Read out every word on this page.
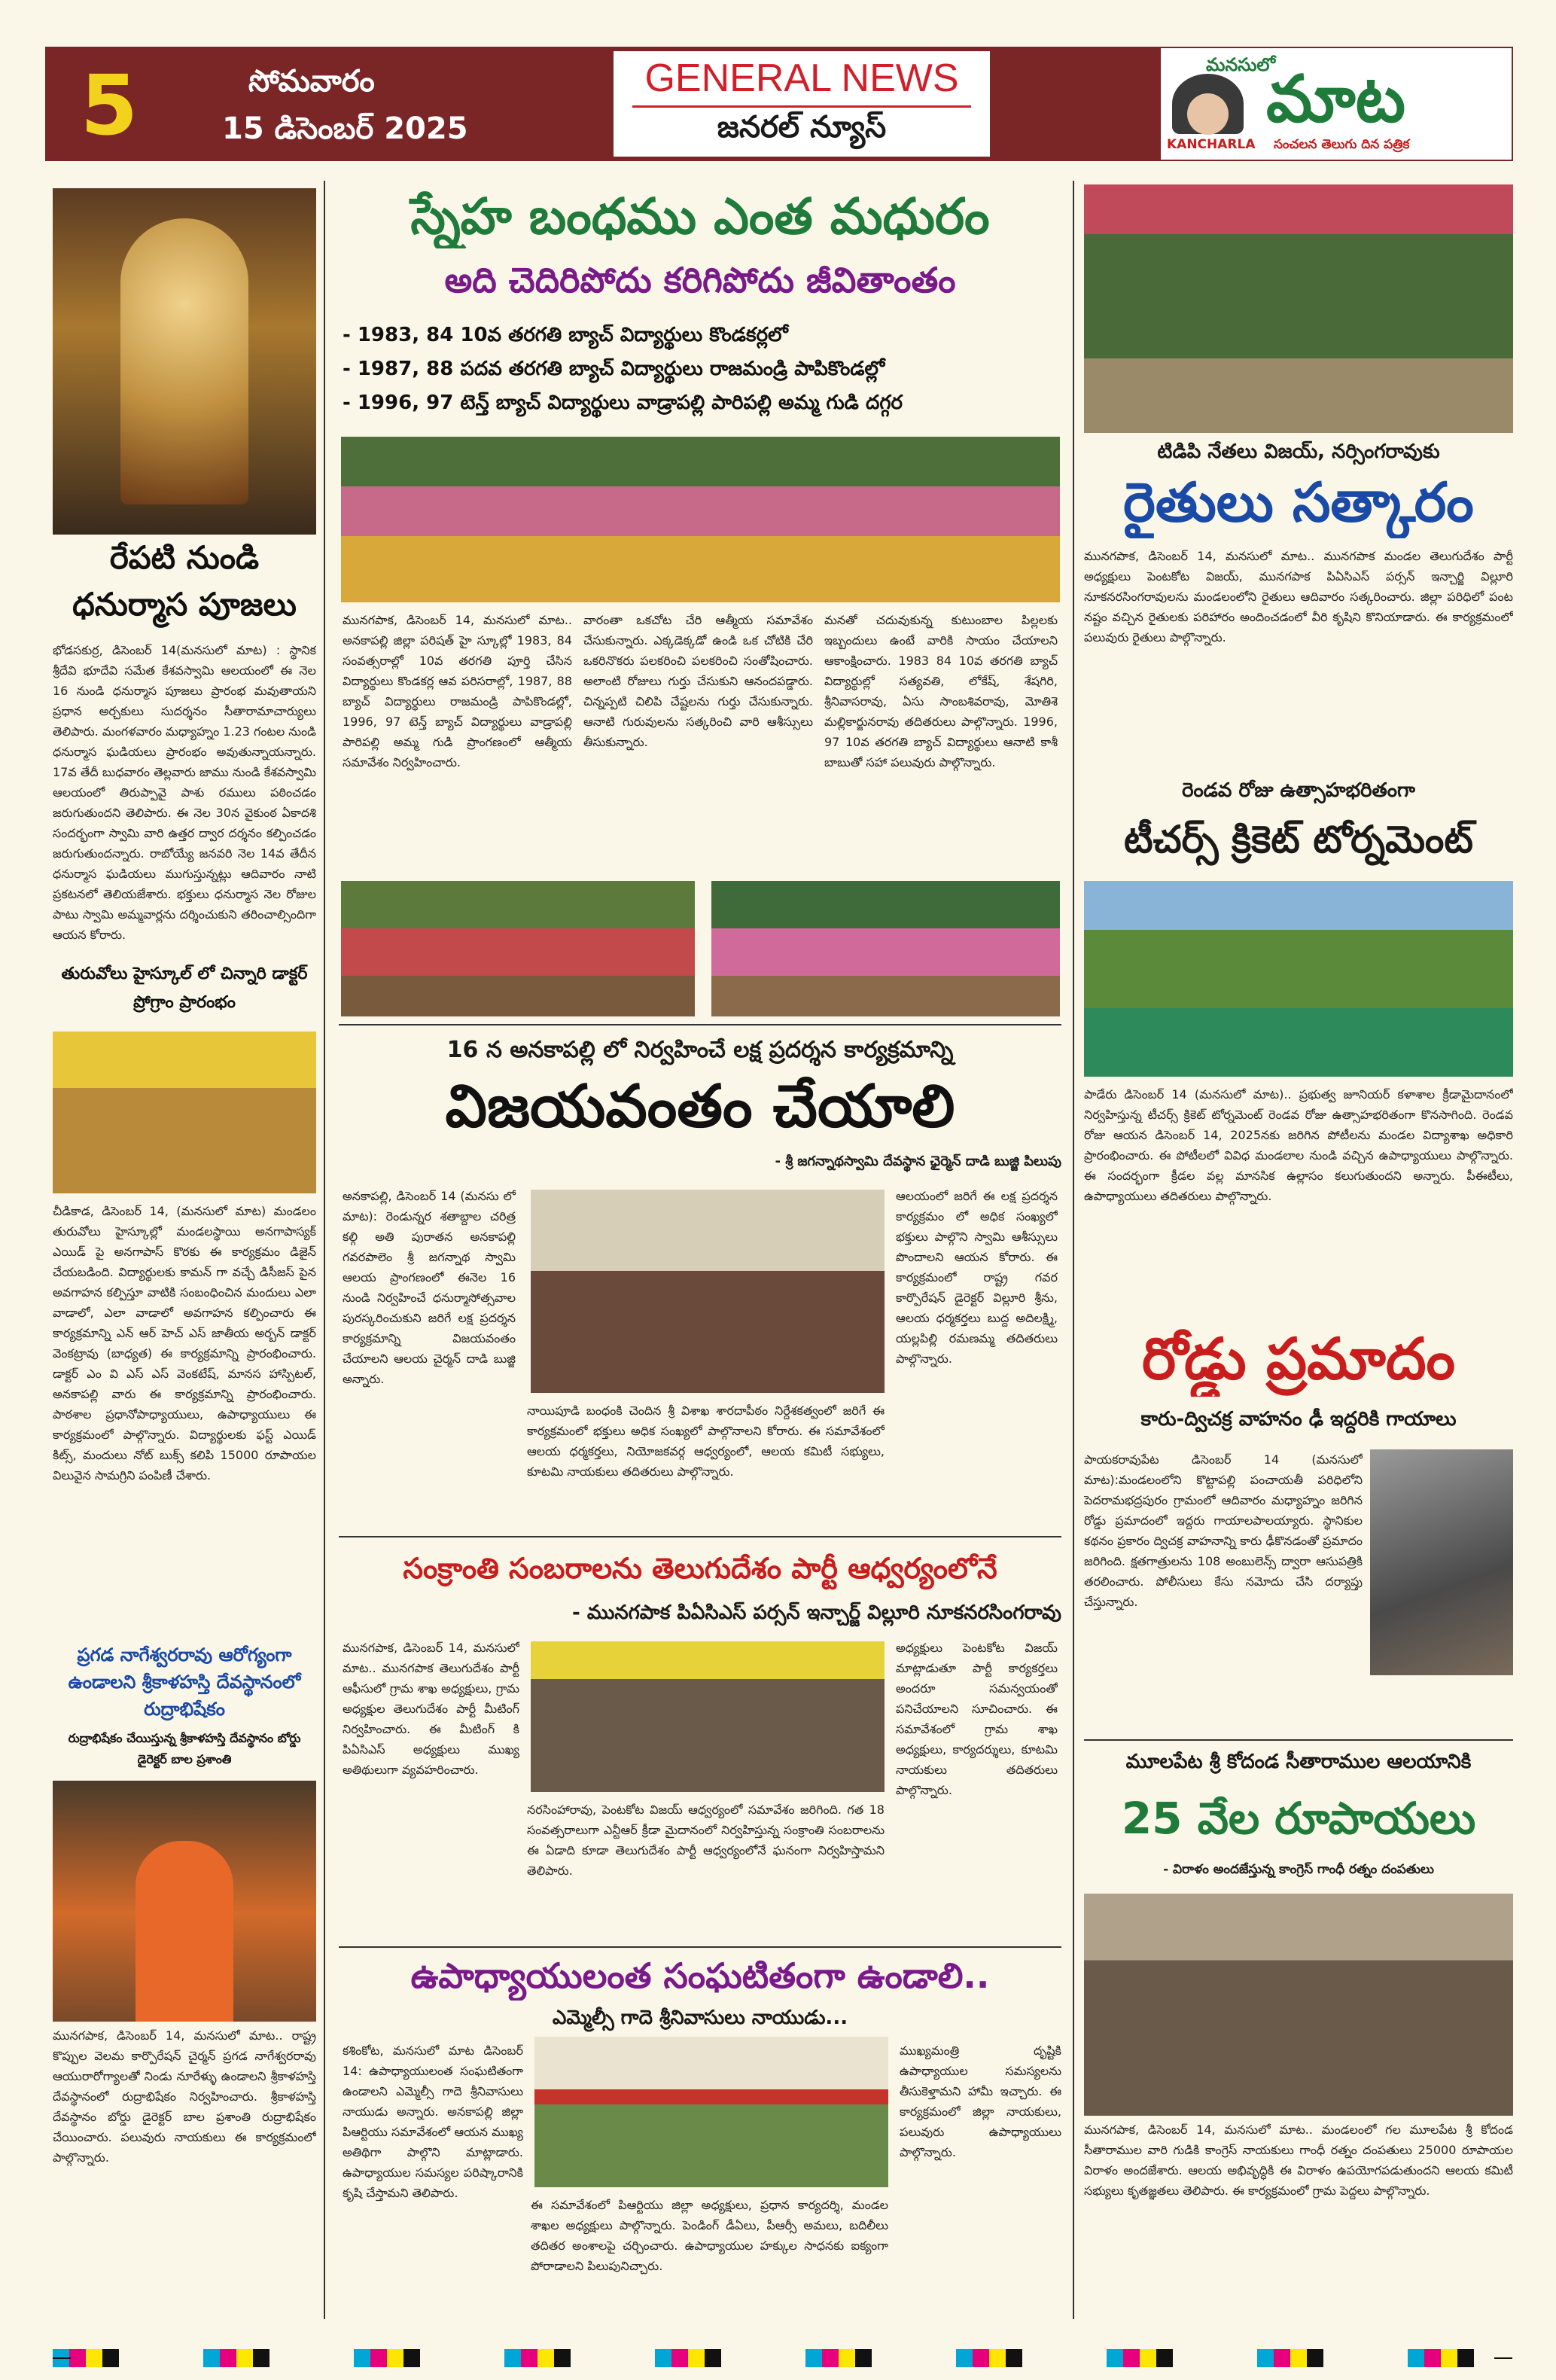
5	సోమవారం
15 డిసెంబర్ 2025
GENERAL NEWS
జనరల్ న్యూస్
మనసులో
KANCHARLA
మాట
సంచలన తెలుగు దిన పత్రిక
రేపటి నుండి ధనుర్మాస పూజలు
భోడసకుర్ర, డిసెంబర్ 14(మనసులో మాట) : స్థానిక శ్రీదేవి భూదేవి సమేత కేశవస్వామి ఆలయంలో ఈ నెల 16 నుండి ధనుర్మాస పూజలు ప్రారంభ మవుతాయని ప్రధాన అర్చకులు సుదర్శనం సీతారామాచార్యులు తెలిపారు. మంగళవారం మధ్యాహ్నం 1.23 గంటల నుండి ధనుర్మాస ఘడియలు ప్రారంభం అవుతున్నాయన్నారు. 17వ తేదీ బుధవారం తెల్లవారు జాము నుండి కేశవస్వామి ఆలయంలో తిరుప్పావై పాశు రములు పఠించడం జరుగుతుందని తెలిపారు. ఈ నెల 30న వైకుంఠ ఏకాదశి సందర్భంగా స్వామి వారి ఉత్తర ద్వార దర్శనం కల్పించడం జరుగుతుందన్నారు. రాబోయ్యే జనవరి నెల 14వ తేదీన ధనుర్మాస ఘడియలు ముగుస్తున్నట్లు ఆదివారం నాటి ప్రకటనలో తెలియజేశారు. భక్తులు ధనుర్మాస నెల రోజుల పాటు స్వామి అమ్మవార్లను దర్శించుకుని తరించాల్సిందిగా ఆయన కోరారు.
తురువోలు హైస్కూల్ లో చిన్నారి డాక్టర్ ప్రోగ్రాం ప్రారంభం
చీడికాడ, డిసెంబర్ 14, (మనసులో మాట) మండలం తురువోలు హైస్కూల్లో మండలస్థాయి అనగాపాస్యక్ ఎయిడ్ పై అనగాపాస్ కొరకు ఈ కార్యక్రమం డిజైన్ చేయబడింది. విద్యార్థులకు కామన్ గా వచ్చే డిసీజస్ పైన అవగాహన కల్పిస్తూ వాటికి సంబంధించిన మందులు ఎలా వాడాలో, ఎలా వాడాలో అవగాహన కల్పించారు ఈ కార్యక్రమాన్ని ఎన్ ఆర్ హెచ్ ఎస్ జాతీయ అర్బన్ డాక్టర్ వెంకట్రావు (బాధ్యత) ఈ కార్యక్రమాన్ని ప్రారంభించారు. డాక్టర్ ఎం వి ఎస్ ఎస్ వెంకటేష్, మానస హాస్పిటల్, అనకాపల్లి వారు ఈ కార్యక్రమాన్ని ప్రారంభించారు. పాఠశాల ప్రధానోపాధ్యాయులు, ఉపాధ్యాయులు ఈ కార్యక్రమంలో పాల్గొన్నారు. విద్యార్థులకు ఫస్ట్ ఎయిడ్ కిట్స్, మందులు నోట్ బుక్స్ కలిపి 15000 రూపాయల విలువైన సామగ్రిని పంపిణీ చేశారు.
ప్రగడ నాగేశ్వరరావు ఆరోగ్యంగా ఉండాలని శ్రీకాళహస్తి దేవస్థానంలో రుద్రాభిషేకం
రుద్రాభిషేకం చేయిస్తున్న శ్రీకాళహస్తి దేవస్థానం బోర్డు డైరెక్టర్ బాల ప్రశాంతి
మునగపాక, డిసెంబర్ 14, మనసులో మాట.. రాష్ట్ర కొప్పుల వెలమ కార్పొరేషన్ చైర్మన్ ప్రగడ నాగేశ్వరరావు ఆయురారోగ్యాలతో నిండు నూరేళ్ళు ఉండాలని శ్రీకాళహస్తి దేవస్థానంలో రుద్రాభిషేకం నిర్వహించారు. శ్రీకాళహస్తి దేవస్థానం బోర్డు డైరెక్టర్ బాల ప్రశాంతి రుద్రాభిషేకం చేయించారు. పలువురు నాయకులు ఈ కార్యక్రమంలో పాల్గొన్నారు.
స్నేహ బంధము ఎంత మధురం
అది చెదిరిపోదు కరిగిపోదు జీవితాంతం
- 1983, 84 10వ తరగతి బ్యాచ్ విద్యార్థులు కొండకర్లలో
- 1987, 88 పదవ తరగతి బ్యాచ్ విద్యార్థులు రాజమండ్రి పాపికొండల్లో
- 1996, 97 టెన్త్ బ్యాచ్ విద్యార్థులు వాడ్రాపల్లి పారిపల్లి అమ్మ గుడి దగ్గర
మునగపాక, డిసెంబర్ 14, మనసులో మాట.. అనకాపల్లి జిల్లా పరిషత్ హై స్కూల్లో 1983, 84 సంవత్సరాల్లో 10వ తరగతి పూర్తి చేసిన విద్యార్థులు కొండకర్ల ఆవ పరిసరాల్లో, 1987, 88 బ్యాచ్ విద్యార్థులు రాజమండ్రి పాపికొండల్లో, 1996, 97 టెన్త్ బ్యాచ్ విద్యార్థులు వాడ్రాపల్లి పారిపల్లి అమ్మ గుడి ప్రాంగణంలో ఆత్మీయ సమావేశం నిర్వహించారు.
వారంతా ఒకచోట చేరి ఆత్మీయ సమావేశం చేసుకున్నారు. ఎక్కడెక్కడో ఉండి ఒక చోటికి చేరి ఒకరినొకరు పలకరించి పలకరించి సంతోషించారు. అలాంటి రోజులు గుర్తు చేసుకుని ఆనందపడ్డారు. చిన్నప్పటి చిలిపి చేష్టలను గుర్తు చేసుకున్నారు. ఆనాటి గురువులను సత్కరించి వారి ఆశీస్సులు తీసుకున్నారు.
మనతో చదువుకున్న కుటుంబాల పిల్లలకు ఇబ్బందులు ఉంటే వారికి సాయం చేయాలని ఆకాంక్షించారు. 1983 84 10వ తరగతి బ్యాచ్ విద్యార్థుల్లో సత్యవతి, లోకేష్, శేషగిరి, శ్రీనివాసరావు, ఏసు సాంబశివరావు, మోతిశె మల్లికార్జునరావు తదితరులు పాల్గొన్నారు. 1996, 97 10వ తరగతి బ్యాచ్ విద్యార్థులు ఆనాటి కాశీ బాబుతో సహా పలువురు పాల్గొన్నారు.
16 న అనకాపల్లి లో నిర్వహించే లక్ష ప్రదర్శన కార్యక్రమాన్ని
విజయవంతం చేయాలి
- శ్రీ జగన్నాథస్వామి దేవస్థాన ఛైర్మెన్ దాడి బుజ్జి పిలుపు
అనకాపల్లి, డిసెంబర్ 14 (మనసు లో మాట): రెండున్నర శతాబ్దాల చరిత్ర కల్గి అతి పురాతన అనకాపల్లి గవరపాలెం శ్రీ జగన్నాథ స్వామి ఆలయ ప్రాంగణంలో ఈనెల 16 నుండి నిర్వహించే ధనుర్మాసోత్సవాల పురస్కరించుకుని జరిగే లక్ష ప్రదర్శన కార్యక్రమాన్ని విజయవంతం చేయాలని ఆలయ చైర్మన్ దాడి బుజ్జి అన్నారు.
నాయిపూడి బంధంకి చెందిన శ్రీ విశాఖ శారదాపీఠం నిర్దేశకత్వంలో జరిగే ఈ కార్యక్రమంలో భక్తులు అధిక సంఖ్యలో పాల్గొనాలని కోరారు. ఈ సమావేశంలో ఆలయ ధర్మకర్తలు, నియోజకవర్గ ఆధ్వర్యంలో, ఆలయ కమిటీ సభ్యులు, కూటమి నాయకులు తదితరులు పాల్గొన్నారు.
ఆలయంలో జరిగే ఈ లక్ష ప్రదర్శన కార్యక్రమం లో అధిక సంఖ్యలో భక్తులు పాల్గొని స్వామి ఆశీస్సులు పొందాలని ఆయన కోరారు. ఈ కార్యక్రమంలో రాష్ట్ర గవర కార్పొరేషన్ డైరెక్టర్ విల్లూరి శ్రీను, ఆలయ ధర్మకర్తలు బుద్ద అదిలక్ష్మి, యల్లపిల్లి రమణమ్మ తదితరులు పాల్గొన్నారు.
సంక్రాంతి సంబరాలను తెలుగుదేశం పార్టీ ఆధ్వర్యంలోనే
- మునగపాక పిఏసిఎస్ పర్సన్ ఇన్చార్జ్ విల్లూరి నూకనరసింగరావు
మునగపాక, డిసెంబర్ 14, మనసులో మాట.. మునగపాక తెలుగుదేశం పార్టీ ఆఫీసులో గ్రామ శాఖ అధ్యక్షులు, గ్రామ అధ్యక్షుల తెలుగుదేశం పార్టీ మీటింగ్ నిర్వహించారు. ఈ మీటింగ్ కి పిఏసిఎస్ అధ్యక్షులు ముఖ్య అతిథులుగా వ్యవహరించారు.
నరసింహారావు, పెంటకోట విజయ్ ఆధ్వర్యంలో సమావేశం జరిగింది. గత 18 సంవత్సరాలుగా ఎన్టీఆర్ క్రీడా మైదానంలో నిర్వహిస్తున్న సంక్రాంతి సంబరాలను ఈ ఏడాది కూడా తెలుగుదేశం పార్టీ ఆధ్వర్యంలోనే ఘనంగా నిర్వహిస్తామని తెలిపారు.
అధ్యక్షులు పెంటకోట విజయ్ మాట్లాడుతూ పార్టీ కార్యకర్తలు అందరూ సమన్వయంతో పనిచేయాలని సూచించారు. ఈ సమావేశంలో గ్రామ శాఖ అధ్యక్షులు, కార్యదర్శులు, కూటమి నాయకులు తదితరులు పాల్గొన్నారు.
ఉపాధ్యాయులంత సంఘటితంగా ఉండాలి..
ఎమ్మెల్సీ గాదె శ్రీనివాసులు నాయుడు...
కశింకోట, మనసులో మాట డిసెంబర్ 14: ఉపాధ్యాయులంత సంఘటితంగా ఉండాలని ఎమ్మెల్సీ గాదె శ్రీనివాసులు నాయుడు అన్నారు. అనకాపల్లి జిల్లా పిఆర్టియు సమావేశంలో ఆయన ముఖ్య అతిథిగా పాల్గొని మాట్లాడారు. ఉపాధ్యాయుల సమస్యల పరిష్కారానికి కృషి చేస్తామని తెలిపారు.
ఈ సమావేశంలో పిఆర్టియు జిల్లా అధ్యక్షులు, ప్రధాన కార్యదర్శి, మండల శాఖల అధ్యక్షులు పాల్గొన్నారు. పెండింగ్ డీఏలు, పీఆర్సీ అమలు, బదిలీలు తదితర అంశాలపై చర్చించారు. ఉపాధ్యాయుల హక్కుల సాధనకు ఐక్యంగా పోరాడాలని పిలుపునిచ్చారు.
ముఖ్యమంత్రి దృష్టికి ఉపాధ్యాయుల సమస్యలను తీసుకెళ్తామని హామీ ఇచ్చారు. ఈ కార్యక్రమంలో జిల్లా నాయకులు, పలువురు ఉపాధ్యాయులు పాల్గొన్నారు.
టిడిపి నేతలు విజయ్, నర్సింగరావుకు
రైతులు సత్కారం
మునగపాక, డిసెంబర్ 14, మనసులో మాట.. మునగపాక మండల తెలుగుదేశం పార్టీ అధ్యక్షులు పెంటకోట విజయ్, మునగపాక పిఏసిఎస్ పర్సన్ ఇన్చార్జి విల్లూరి నూకనరసింగరావులను మండలంలోని రైతులు ఆదివారం సత్కరించారు. జిల్లా పరిధిలో పంట నష్టం వచ్చిన రైతులకు పరిహారం అందించడంలో వీరి కృషిని కొనియాడారు. ఈ కార్యక్రమంలో పలువురు రైతులు పాల్గొన్నారు.
రెండవ రోజు ఉత్సాహభరితంగా
టీచర్స్ క్రికెట్ టోర్నమెంట్
పాడేరు డిసెంబర్ 14 (మనసులో మాట).. ప్రభుత్వ జూనియర్ కళాశాల క్రీడామైదానంలో నిర్వహిస్తున్న టీచర్స్ క్రికెట్ టోర్నమెంట్ రెండవ రోజు ఉత్సాహభరితంగా కొనసాగింది. రెండవ రోజు ఆయన డిసెంబర్ 14, 2025నకు జరిగిన పోటీలను మండల విద్యాశాఖ అధికారి ప్రారంభించారు. ఈ పోటీలలో వివిధ మండలాల నుండి వచ్చిన ఉపాధ్యాయులు పాల్గొన్నారు. ఈ సందర్భంగా క్రీడల వల్ల మానసిక ఉల్లాసం కలుగుతుందని అన్నారు. పీఈటీలు, ఉపాధ్యాయులు తదితరులు పాల్గొన్నారు.
రోడ్డు ప్రమాదం
కారు-ద్విచక్ర వాహనం ఢీ ఇద్దరికి గాయాలు
పాయకరావుపేట డిసెంబర్ 14 (మనసులో మాట):మండలంలోని కొట్టాపల్లి పంచాయతీ పరిధిలోని పెదరామభద్రపురం గ్రామంలో ఆదివారం మధ్యాహ్నం జరిగిన రోడ్డు ప్రమాదంలో ఇద్దరు గాయాలపాలయ్యారు. స్థానికుల కథనం ప్రకారం ద్విచక్ర వాహనాన్ని కారు ఢీకొనడంతో ప్రమాదం జరిగింది. క్షతగాత్రులను 108 అంబులెన్స్ ద్వారా ఆసుపత్రికి తరలించారు. పోలీసులు కేసు నమోదు చేసి దర్యాప్తు చేస్తున్నారు.
మూలపేట శ్రీ కోదండ సీతారాముల ఆలయానికి
25 వేల రూపాయలు
- విరాళం అందజేస్తున్న కాంగ్రెస్ గాంధీ రత్నం దంపతులు
మునగపాక, డిసెంబర్ 14, మనసులో మాట.. మండలంలో గల మూలపేట శ్రీ కోదండ సీతారాముల వారి గుడికి కాంగ్రెస్ నాయకులు గాంధీ రత్నం దంపతులు 25000 రూపాయల విరాళం అందజేశారు. ఆలయ అభివృద్ధికి ఈ విరాళం ఉపయోగపడుతుందని ఆలయ కమిటీ సభ్యులు కృతజ్ఞతలు తెలిపారు. ఈ కార్యక్రమంలో గ్రామ పెద్దలు పాల్గొన్నారు.
